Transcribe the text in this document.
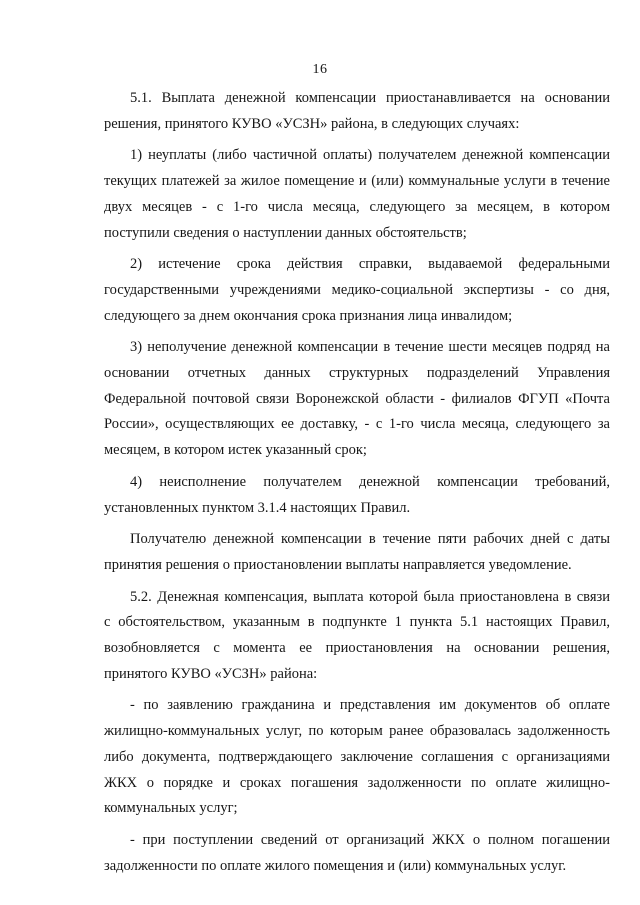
16
5.1. Выплата денежной компенсации приостанавливается на основании
решения, принятого КУВО «УСЗН» района, в следующих случаях:
1) неуплаты (либо частичной оплаты) получателем денежной компенсации
текущих платежей за жилое помещение и (или) коммунальные услуги в течение
двух месяцев - с 1-го числа месяца, следующего за месяцем, в котором
поступили сведения о наступлении данных обстоятельств;
2) истечение срока действия справки, выдаваемой федеральными
государственными учреждениями медико-социальной экспертизы - со дня,
следующего за днем окончания срока признания лица инвалидом;
3) неполучение денежной компенсации в течение шести месяцев подряд на
основании отчетных данных структурных подразделений Управления
Федеральной почтовой связи Воронежской области - филиалов ФГУП «Почта
России», осуществляющих ее доставку, - с 1-го числа месяца, следующего за
месяцем, в котором истек указанный срок;
4) неисполнение получателем денежной компенсации требований,
установленных пунктом 3.1.4 настоящих Правил.
Получателю денежной компенсации в течение пяти рабочих дней с даты
принятия решения о приостановлении выплаты направляется уведомление.
5.2. Денежная компенсация, выплата которой была приостановлена в связи
с обстоятельством, указанным в подпункте 1 пункта 5.1 настоящих Правил,
возобновляется с момента ее приостановления на основании решения,
принятого КУВО «УСЗН» района:
- по заявлению гражданина и представления им документов об оплате
жилищно-коммунальных услуг, по которым ранее образовалась задолженность
либо документа, подтверждающего заключение соглашения с организациями
ЖКХ о порядке и сроках погашения задолженности по оплате жилищно-
коммунальных услуг;
- при поступлении сведений от организаций ЖКХ о полном погашении
задолженности по оплате жилого помещения и (или) коммунальных услуг.
